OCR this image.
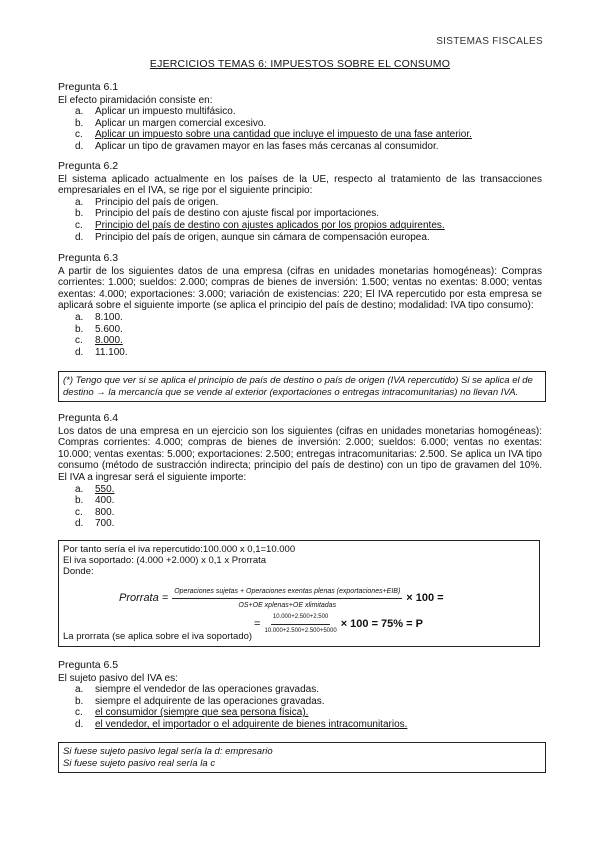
SISTEMAS FISCALES
EJERCICIOS TEMAS 6: IMPUESTOS SOBRE EL CONSUMO
Pregunta 6.1
El efecto piramidación consiste en:
a. Aplicar un impuesto multifásico.
b. Aplicar un margen comercial excesivo.
c. Aplicar un impuesto sobre una cantidad que incluye el impuesto de una fase anterior.
d. Aplicar un tipo de gravamen mayor en las fases más cercanas al consumidor.
Pregunta 6.2
El sistema aplicado actualmente en los países de la UE, respecto al tratamiento de las transacciones empresariales en el IVA, se rige por el siguiente principio:
a. Principio del país de origen.
b. Principio del país de destino con ajuste fiscal por importaciones.
c. Principio del país de destino con ajustes aplicados por los propios adquirentes.
d. Principio del país de origen, aunque sin cámara de compensación europea.
Pregunta 6.3
A partir de los siguientes datos de una empresa (cifras en unidades monetarias homogéneas): Compras corrientes: 1.000; sueldos: 2.000; compras de bienes de inversión: 1.500; ventas no exentas: 8.000; ventas exentas: 4.000; exportaciones: 3.000; variación de existencias: 220; El IVA repercutido por esta empresa se aplicará sobre el siguiente importe (se aplica el principio del país de destino; modalidad: IVA tipo consumo):
a. 8.100.
b. 5.600.
c. 8.000.
d. 11.100.
(*) Tengo que ver si se aplica el principio de país de destino o país de origen (IVA repercutido) Si se aplica el de destino → la mercancía que se vende al exterior (exportaciones o entregas intracomunitarias) no llevan IVA.
Pregunta 6.4
Los datos de una empresa en un ejercicio son los siguientes (cifras en unidades monetarias homogéneas): Compras corrientes: 4.000; compras de bienes de inversión: 2.000; sueldos: 6.000; ventas no exentas: 10.000; ventas exentas: 5.000; exportaciones: 2.500; entregas intracomunitarias: 2.500. Se aplica un IVA tipo consumo (método de sustracción indirecta; principio del país de destino) con un tipo de gravamen del 10%. El IVA a ingresar será el siguiente importe:
a. 550.
b. 400.
c. 800.
d. 700.
Por tanto sería el iva repercutido:100.000 x 0,1=10.000
El iva soportado: (4.000 +2.000) x 0,1 x Prorrata
Donde:
Prorrata =
Operaciones sujetas + Operaciones exentas plenas (exportaciones+EIB)
OS+OE xplenas+OE xlimitadas
× 100 =
= $\frac{10.000+2.500+2.500}{10.000+2.500+2.500+5000} \times 100 = 75\% = P$
La prorrata (se aplica sobre el iva soportado)
Pregunta 6.5
El sujeto pasivo del IVA es:
a. siempre el vendedor de las operaciones gravadas.
b. siempre el adquirente de las operaciones gravadas.
c. el consumidor (siempre que sea persona física).
d. el vendedor, el importador o el adquirente de bienes intracomunitarios.
Si fuese sujeto pasivo legal sería la d: empresario
Si fuese sujeto pasivo real sería la c
